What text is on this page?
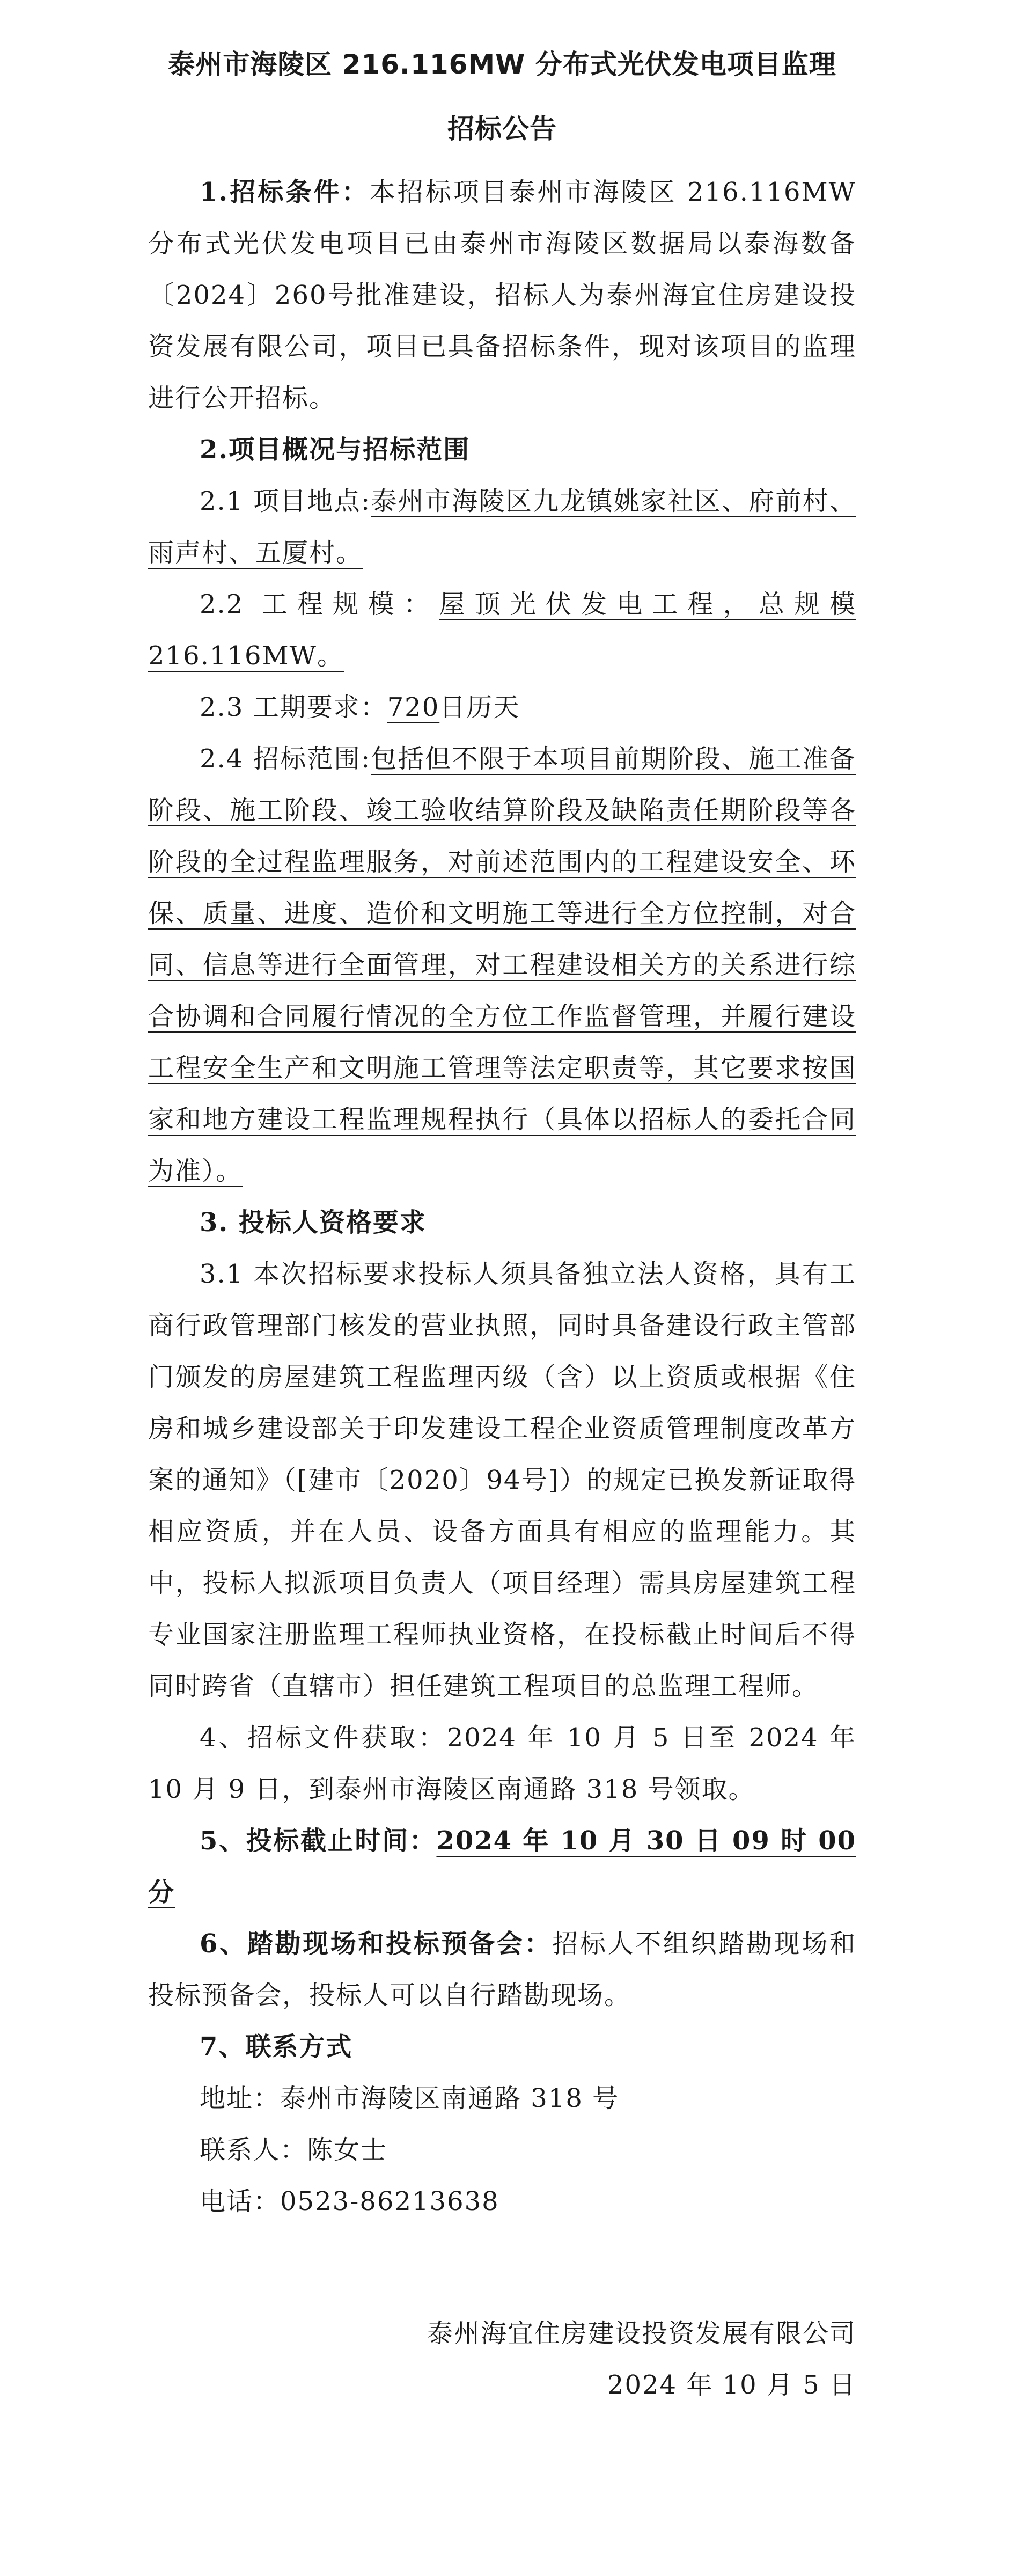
泰州市海陵区 216.116MW 分布式光伏发电项目监理
招标公告

1.招标条件：本招标项目泰州市海陵区 216.116MW 分布式光伏发电项目已由泰州市海陵区数据局以泰海数备〔2024〕260号批准建设，招标人为泰州海宜住房建设投资发展有限公司，项目已具备招标条件，现对该项目的监理进行公开招标。

2.项目概况与招标范围

2.1 项目地点:泰州市海陵区九龙镇姚家社区、府前村、雨声村、五厦村。

2.2 工程规模：屋顶光伏发电工程，总规模 216.116MW。

2.3 工期要求：720日历天

2.4 招标范围:包括但不限于本项目前期阶段、施工准备阶段、施工阶段、竣工验收结算阶段及缺陷责任期阶段等各阶段的全过程监理服务，对前述范围内的工程建设安全、环保、质量、进度、造价和文明施工等进行全方位控制，对合同、信息等进行全面管理，对工程建设相关方的关系进行综合协调和合同履行情况的全方位工作监督管理，并履行建设工程安全生产和文明施工管理等法定职责等，其它要求按国家和地方建设工程监理规程执行（具体以招标人的委托合同为准）。

3. 投标人资格要求

3.1 本次招标要求投标人须具备独立法人资格，具有工商行政管理部门核发的营业执照，同时具备建设行政主管部门颁发的房屋建筑工程监理丙级（含）以上资质或根据《住房和城乡建设部关于印发建设工程企业资质管理制度改革方案的通知》（[建市〔2020〕94号]）的规定已换发新证取得相应资质，并在人员、设备方面具有相应的监理能力。其中，投标人拟派项目负责人（项目经理）需具房屋建筑工程专业国家注册监理工程师执业资格，在投标截止时间后不得同时跨省（直辖市）担任建筑工程项目的总监理工程师。

4、招标文件获取：2024 年 10 月 5 日至 2024 年 10 月 9 日，到泰州市海陵区南通路 318 号领取。

5、投标截止时间：2024 年 10 月 30 日 09 时 00 分

6、踏勘现场和投标预备会：招标人不组织踏勘现场和投标预备会，投标人可以自行踏勘现场。

7、联系方式

地址：泰州市海陵区南通路 318 号

联系人：陈女士

电话：0523-86213638

泰州海宜住房建设投资发展有限公司

2024 年 10 月 5 日
